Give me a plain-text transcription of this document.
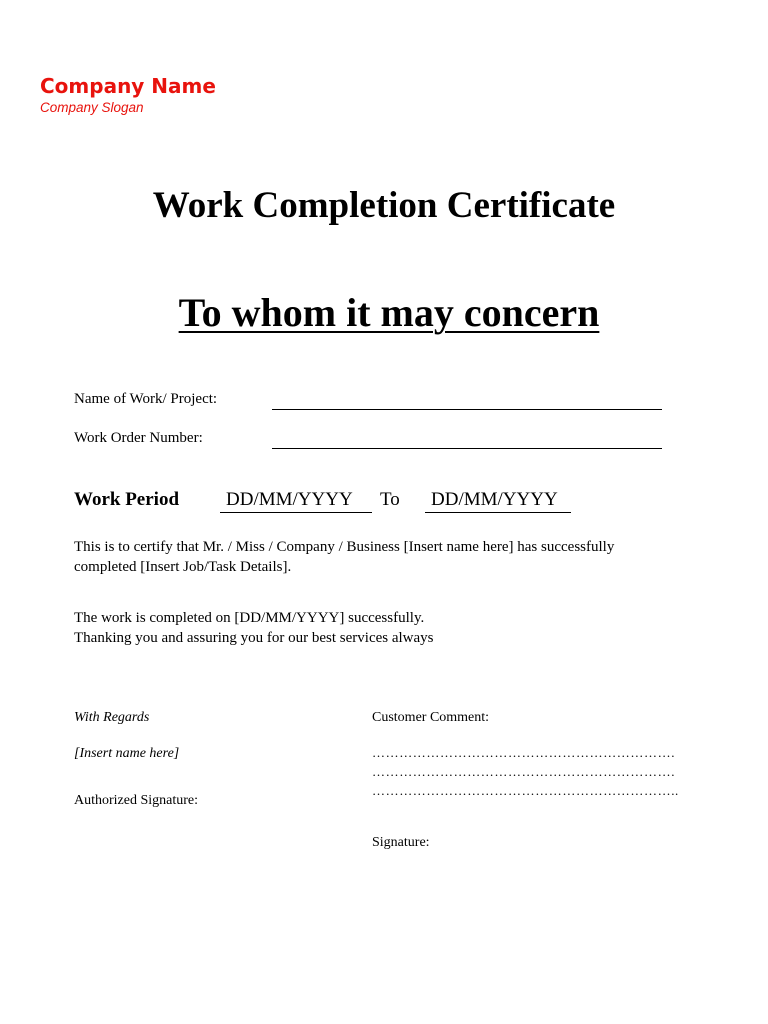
Company Name
Company Slogan
Work Completion Certificate
To whom it may concern
Name of Work/ Project:
Work Order Number:
Work Period	DD/MM/YYYY	To	DD/MM/YYYY
This is to certify that Mr. / Miss / Company / Business [Insert name here] has successfully
completed [Insert Job/Task Details].
The work is completed on [DD/MM/YYYY] successfully.
Thanking you and assuring you for our best services always
With Regards
[Insert name here]
Authorized Signature:
Customer Comment:
………………………………………………………….
………………………………………………………….
…………………………………………………………..
Signature:
